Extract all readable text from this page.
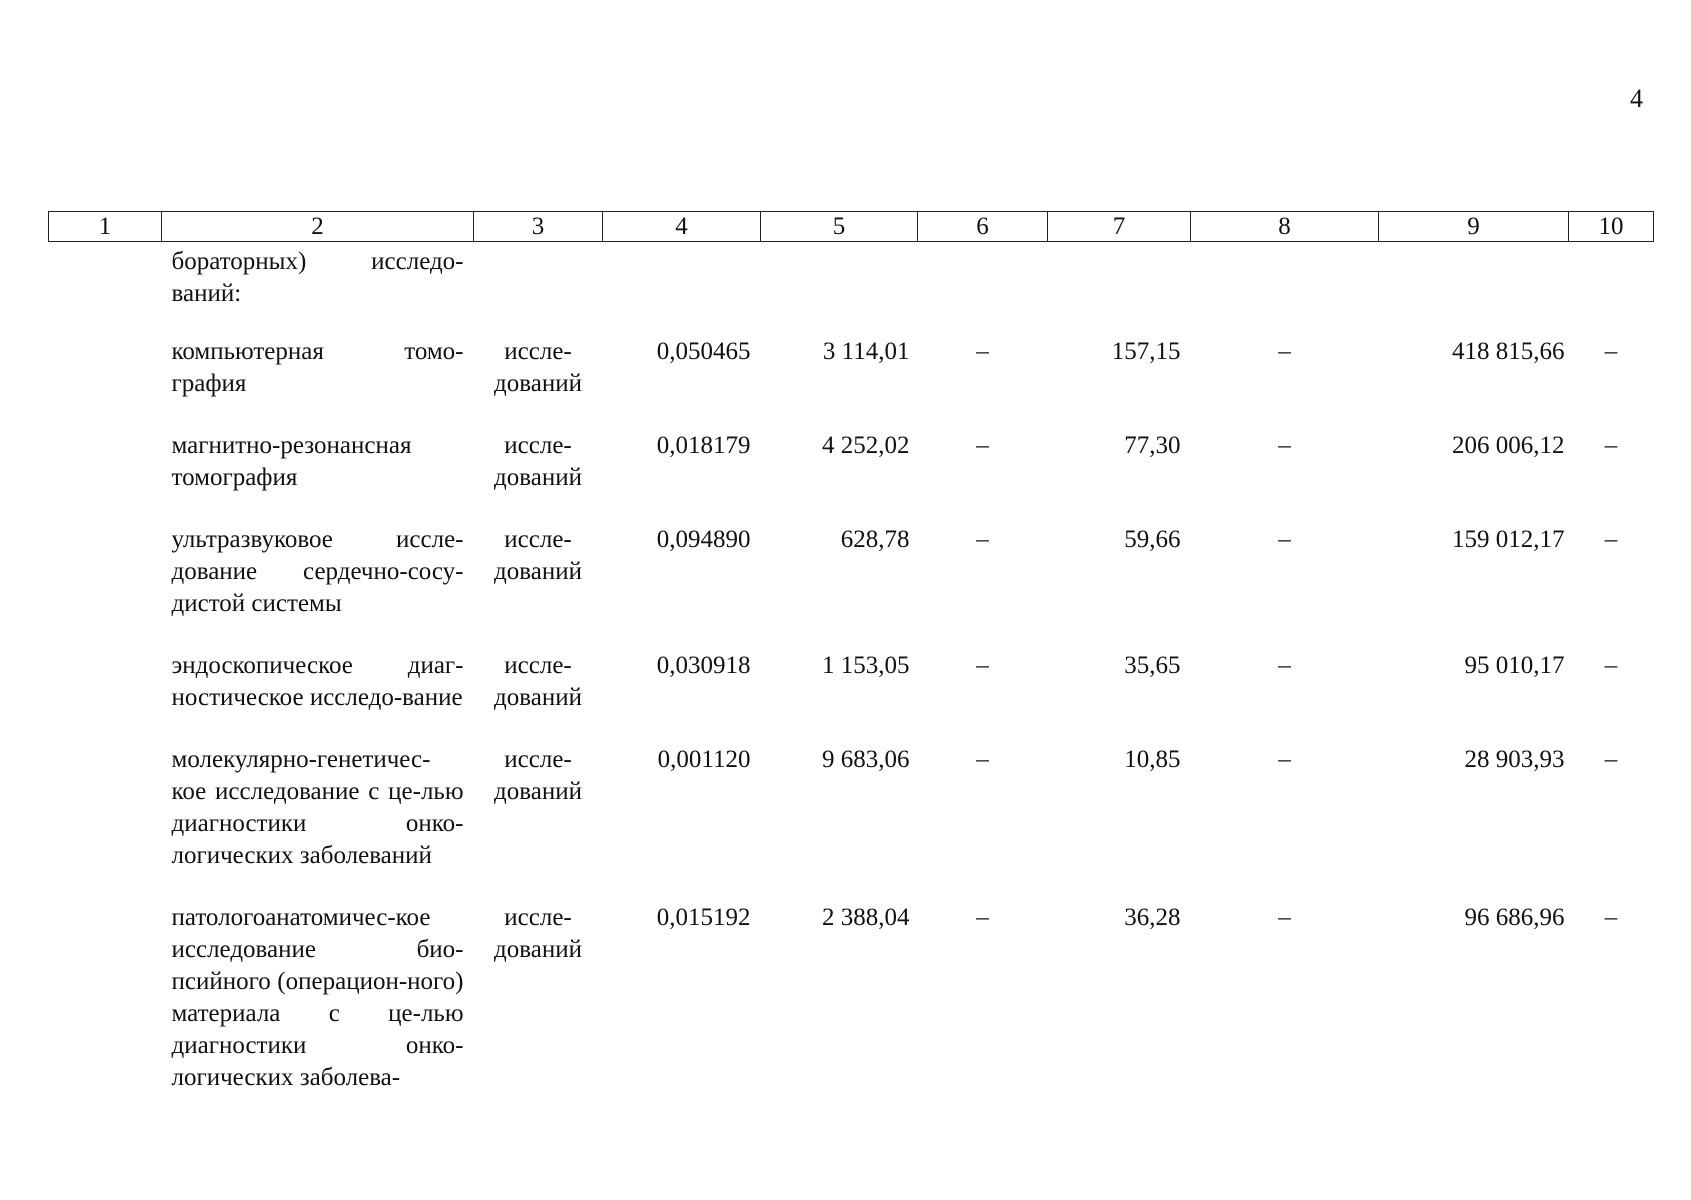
4
1	2	3	4	5	6	7	8	9	10
	бораторных) исследо-ваний:								
	компьютерная томо-графия	иссле-дований	0,050465	3 114,01	–	157,15	–	418 815,66	–
	магнитно-резонансная томография	иссле-дований	0,018179	4 252,02	–	77,30	–	206 006,12	–
	ультразвуковое иссле-дование сердечно-сосу-дистой системы	иссле-дований	0,094890	628,78	–	59,66	–	159 012,17	–
	эндоскопическое диаг-ностическое исследо-вание	иссле-дований	0,030918	1 153,05	–	35,65	–	95 010,17	–
	молекулярно-генетичес-кое исследование с це-лью диагностики онко-логических заболеваний	иссле-дований	0,001120	9 683,06	–	10,85	–	28 903,93	–
	патологоанатомичес-кое исследование био-псийного (операцион-ного) материала с це-лью диагностики онко-логических заболева-	иссле-дований	0,015192	2 388,04	–	36,28	–	96 686,96	–
